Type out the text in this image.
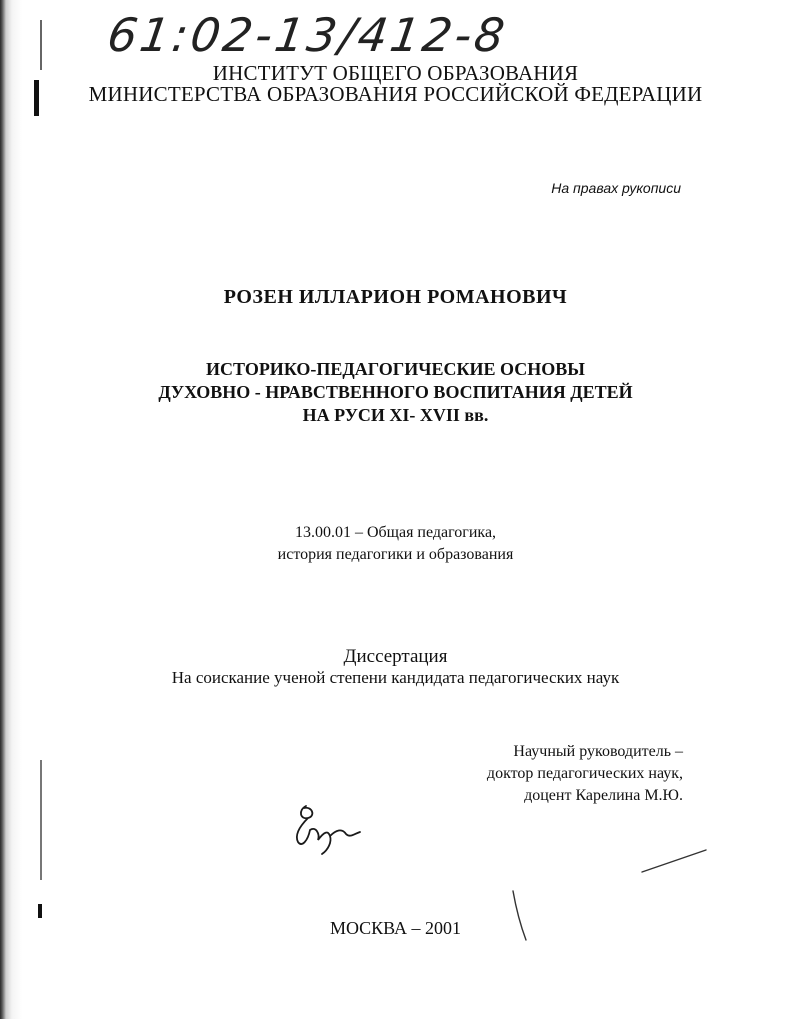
61:02-13/412-8
ИНСТИТУТ ОБЩЕГО ОБРАЗОВАНИЯ
МИНИСТЕРСТВА ОБРАЗОВАНИЯ РОССИЙСКОЙ ФЕДЕРАЦИИ
На правах рукописи
РОЗЕН ИЛЛАРИОН РОМАНОВИЧ
ИСТОРИКО-ПЕДАГОГИЧЕСКИЕ ОСНОВЫ
ДУХОВНО - НРАВСТВЕННОГО ВОСПИТАНИЯ ДЕТЕЙ
НА РУСИ XI- XVII вв.
13.00.01 – Общая педагогика,
история педагогики и образования
Диссертация
На соискание ученой степени кандидата педагогических наук
Научный руководитель –
доктор педагогических наук,
доцент Карелина М.Ю.
МОСКВА – 2001
